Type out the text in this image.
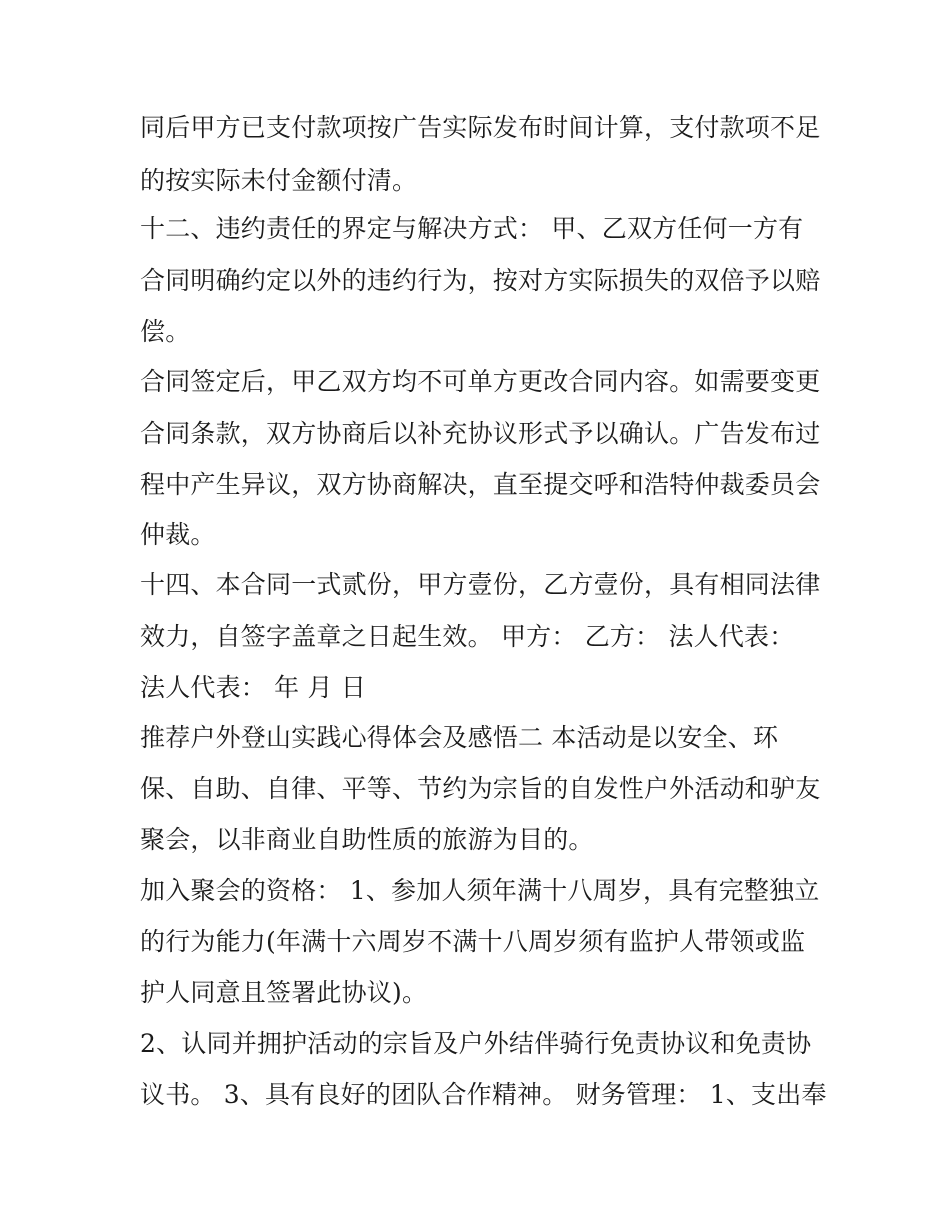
同后甲方已支付款项按广告实际发布时间计算，支付款项不足
的按实际未付金额付清。
十二、违约责任的界定与解决方式： 甲、乙双方任何一方有
合同明确约定以外的违约行为，按对方实际损失的双倍予以赔
偿。
合同签定后，甲乙双方均不可单方更改合同内容。如需要变更
合同条款，双方协商后以补充协议形式予以确认。广告发布过
程中产生异议，双方协商解决，直至提交呼和浩特仲裁委员会
仲裁。
十四、本合同一式贰份，甲方壹份，乙方壹份，具有相同法律
效力，自签字盖章之日起生效。 甲方： 乙方： 法人代表：
法人代表： 年 月 日
推荐户外登山实践心得体会及感悟二 本活动是以安全、环
保、自助、自律、平等、节约为宗旨的自发性户外活动和驴友
聚会，以非商业自助性质的旅游为目的。
加入聚会的资格： 1、参加人须年满十八周岁，具有完整独立
的行为能力(年满十六周岁不满十八周岁须有监护人带领或监
护人同意且签署此协议)。
2、认同并拥护活动的宗旨及户外结伴骑行免责协议和免责协
议书。 3、具有良好的团队合作精神。 财务管理： 1、支出奉
